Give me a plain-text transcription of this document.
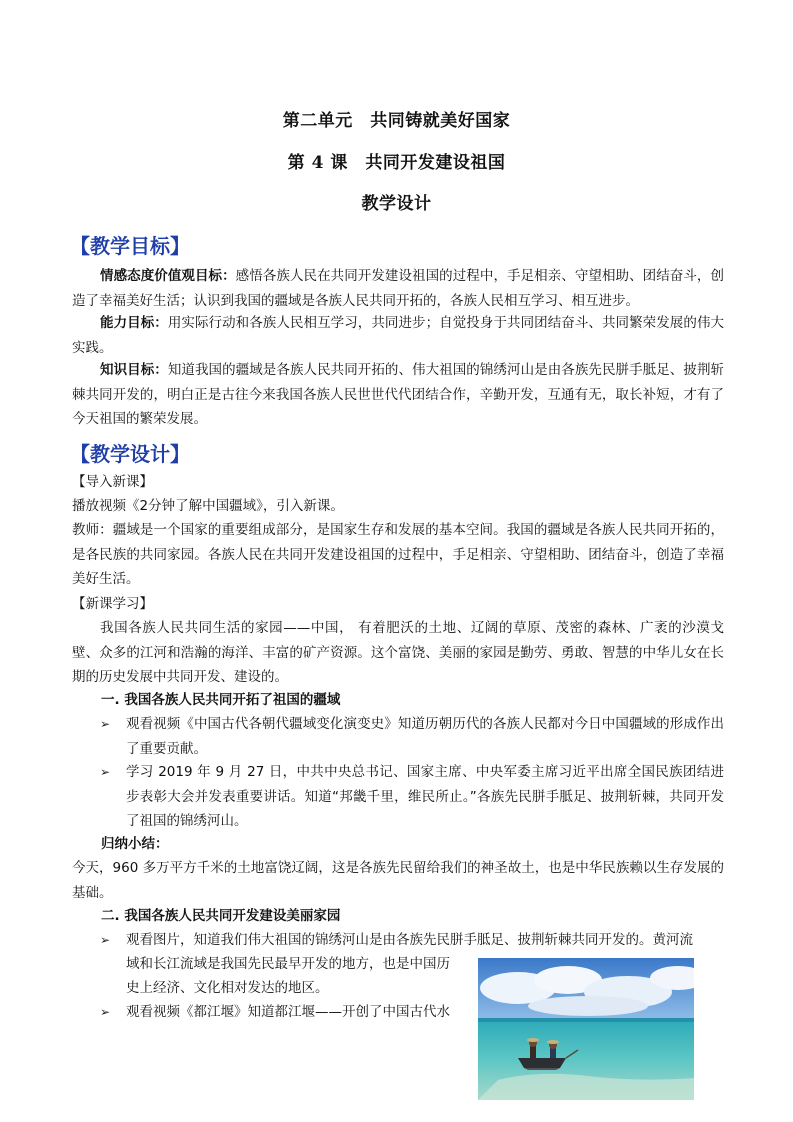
第二单元　共同铸就美好国家
第 4 课　共同开发建设祖国
教学设计
【教学目标】

情感态度价值观目标：感悟各族人民在共同开发建设祖国的过程中，手足相亲、守望相助、团结奋斗，创造了幸福美好生活；认识到我国的疆域是各族人民共同开拓的，各族人民相互学习、相互进步。

能力目标：用实际行动和各族人民相互学习，共同进步；自觉投身于共同团结奋斗、共同繁荣发展的伟大实践。

知识目标：知道我国的疆域是各族人民共同开拓的、伟大祖国的锦绣河山是由各族先民胼手胝足、披荆斩棘共同开发的，明白正是古往今来我国各族人民世世代代团结合作，辛勤开发，互通有无，取长补短，才有了今天祖国的繁荣发展。

【教学设计】

【导入新课】

播放视频《2分钟了解中国疆域》，引入新课。

教师：疆域是一个国家的重要组成部分，是国家生存和发展的基本空间。我国的疆域是各族人民共同开拓的，是各民族的共同家园。各族人民在共同开发建设祖国的过程中，手足相亲、守望相助、团结奋斗，创造了幸福美好生活。

【新课学习】

我国各族人民共同生活的家园——中国， 有着肥沃的土地、辽阔的草原、茂密的森林、广袤的沙漠戈壁、众多的江河和浩瀚的海洋、丰富的矿产资源。这个富饶、美丽的家园是勤劳、勇敢、智慧的中华儿女在长期的历史发展中共同开发、建设的。

一. 我国各族人民共同开拓了祖国的疆域

➢ 观看视频《中国古代各朝代疆域变化演变史》知道历朝历代的各族人民都对今日中国疆域的形成作出了重要贡献。

➢ 学习 2019 年 9 月 27 日，中共中央总书记、国家主席、中央军委主席习近平出席全国民族团结进步表彰大会并发表重要讲话。知道“邦畿千里，维民所止。”各族先民胼手胝足、披荆斩棘，共同开发了祖国的锦绣河山。

归纳小结：

今天，960 多万平方千米的土地富饶辽阔，这是各族先民留给我们的神圣故土，也是中华民族赖以生存发展的基础。

二. 我国各族人民共同开发建设美丽家园

➢ 观看图片，知道我们伟大祖国的锦绣河山是由各族先民胼手胝足、披荆斩棘共同开发的。黄河流

域和长江流域是我国先民最早开发的地方，也是中国历

史上经济、文化相对发达的地区。

➢ 观看视频《都江堰》知道都江堰——开创了中国古代水
